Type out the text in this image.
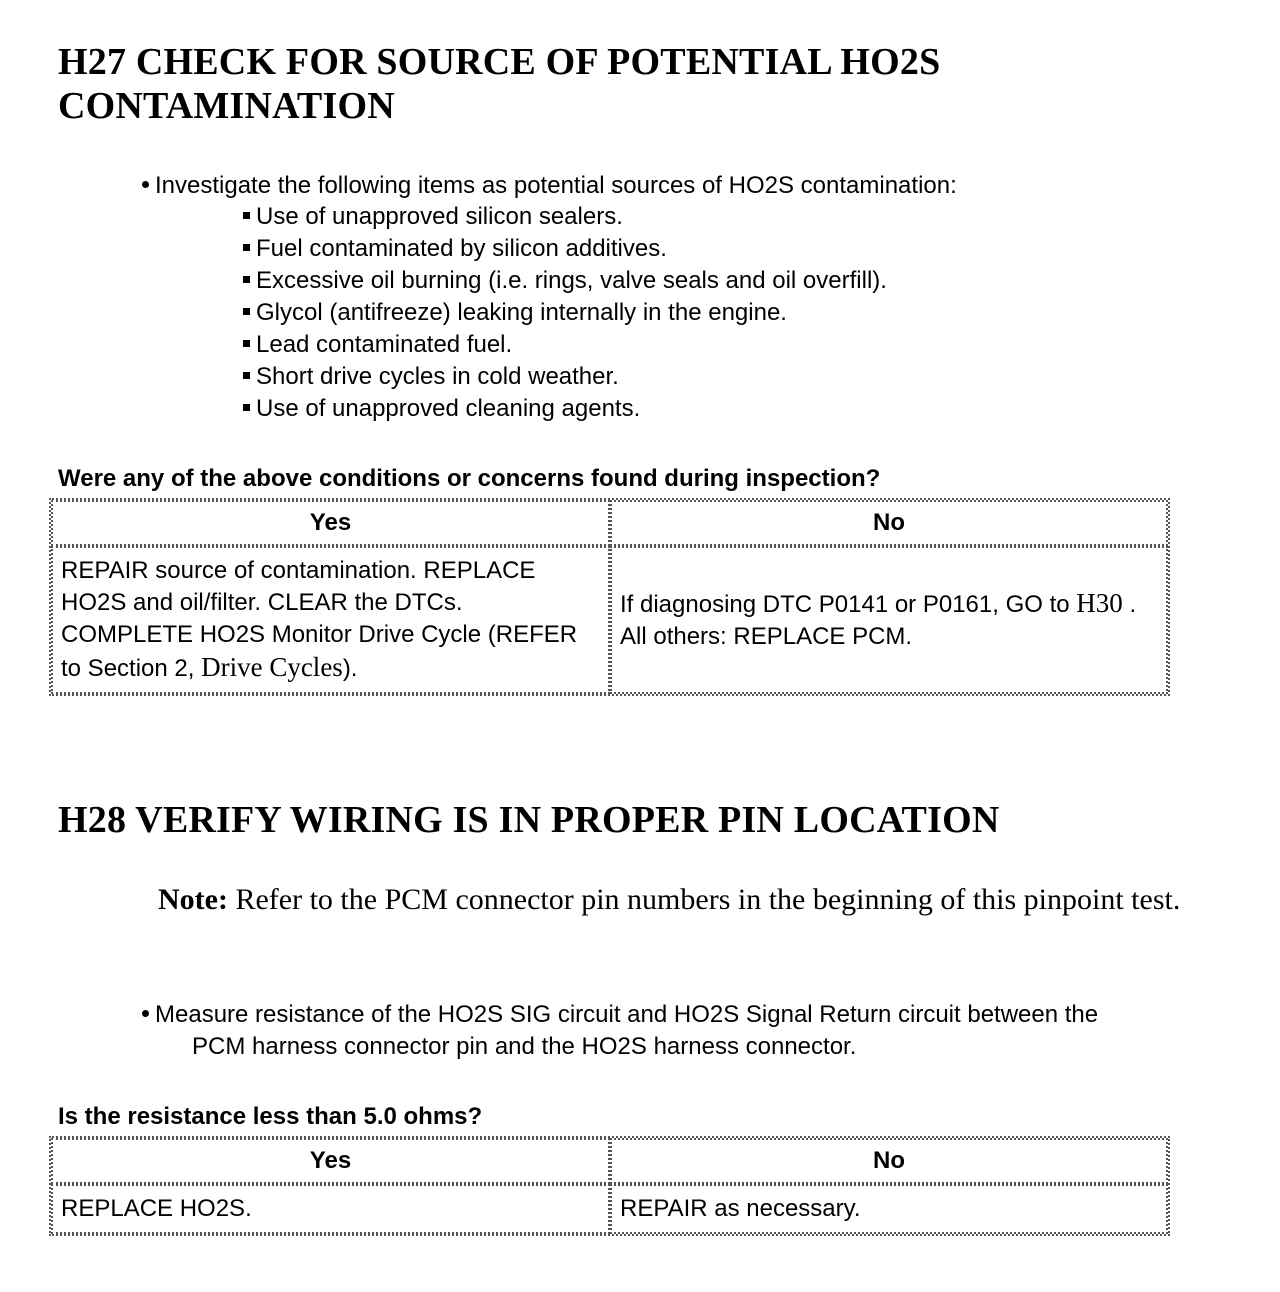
H27 CHECK FOR SOURCE OF POTENTIAL HO2S CONTAMINATION
Investigate the following items as potential sources of HO2S contamination:
Use of unapproved silicon sealers.
Fuel contaminated by silicon additives.
Excessive oil burning (i.e. rings, valve seals and oil overfill).
Glycol (antifreeze) leaking internally in the engine.
Lead contaminated fuel.
Short drive cycles in cold weather.
Use of unapproved cleaning agents.

Were any of the above conditions or concerns found during inspection?

Yes	No
REPAIR source of contamination. REPLACE HO2S and oil/filter. CLEAR the DTCs. COMPLETE HO2S Monitor Drive Cycle (REFER to Section 2, Drive Cycles).	If diagnosing DTC P0141 or P0161, GO to H30 . All others: REPLACE PCM.
H28 VERIFY WIRING IS IN PROPER PIN LOCATION

Note: Refer to the PCM connector pin numbers in the beginning of this pinpoint test.

Measure resistance of the HO2S SIG circuit and HO2S Signal Return circuit between the
PCM harness connector pin and the HO2S harness connector.

Is the resistance less than 5.0 ohms?

Yes	No
REPLACE HO2S.	REPAIR as necessary.
